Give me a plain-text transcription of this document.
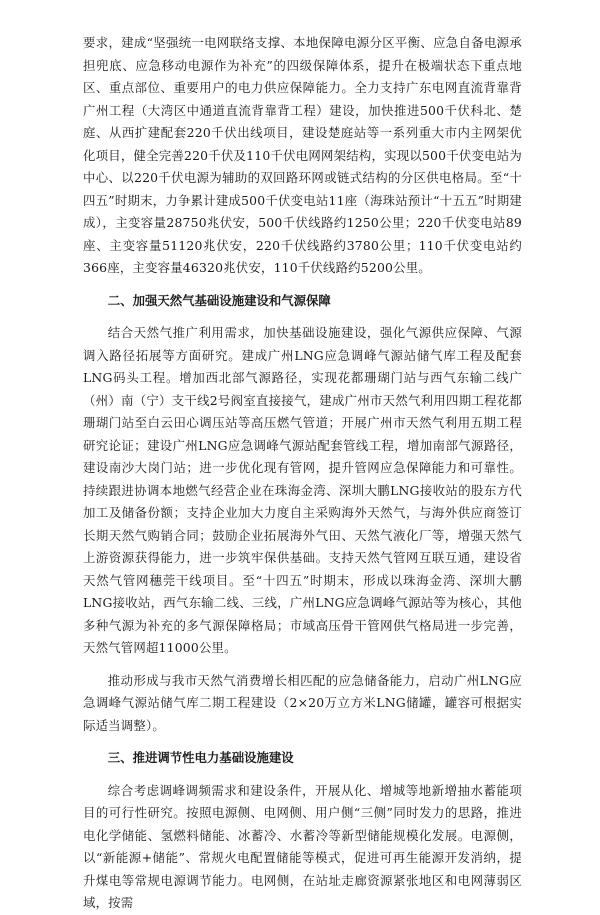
要求，建成“坚强统一电网联络支撑、本地保障电源分区平衡、应急自备电源承担兜底、应急移动电源作为补充”的四级保障体系，提升在极端状态下重点地区、重点部位、重要用户的电力供应保障能力。全力支持广东电网直流背靠背广州工程（大湾区中通道直流背靠背工程）建设，加快推进500千伏科北、楚庭、从西扩建配套220千伏出线项目，建设楚庭站等一系列重大市内主网架优化项目，健全完善220千伏及110千伏电网网架结构，实现以500千伏变电站为中心、以220千伏电源为辅助的双回路环网或链式结构的分区供电格局。至“十四五”时期末，力争累计建成500千伏变电站11座（海珠站预计“十五五”时期建成），主变容量28750兆伏安，500千伏线路约1250公里；220千伏变电站89座、主变容量51120兆伏安，220千伏线路约3780公里；110千伏变电站约366座，主变容量46320兆伏安，110千伏线路约5200公里。

二、加强天然气基础设施建设和气源保障

结合天然气推广利用需求，加快基础设施建设，强化气源供应保障、气源调入路径拓展等方面研究。建成广州LNG应急调峰气源站储气库工程及配套LNG码头工程。增加西北部气源路径，实现花都珊瑚门站与西气东输二线广（州）南（宁）支干线2号阀室直接接气，建成广州市天然气利用四期工程花都珊瑚门站至白云田心调压站等高压燃气管道；开展广州市天然气利用五期工程研究论证；建设广州LNG应急调峰气源站配套管线工程，增加南部气源路径，建设南沙大岗门站；进一步优化现有管网，提升管网应急保障能力和可靠性。持续跟进协调本地燃气经营企业在珠海金湾、深圳大鹏LNG接收站的股东方代加工及储备份额；支持企业加大力度自主采购海外天然气，与海外供应商签订长期天然气购销合同；鼓励企业拓展海外气田、天然气液化厂等，增强天然气上游资源获得能力，进一步筑牢保供基础。支持天然气管网互联互通，建设省天然气管网穗莞干线项目。至“十四五”时期末，形成以珠海金湾、深圳大鹏LNG接收站，西气东输二线、三线，广州LNG应急调峰气源站等为核心，其他多种气源为补充的多气源保障格局；市域高压骨干管网供气格局进一步完善，天然气管网超11000公里。

推动形成与我市天然气消费增长相匹配的应急储备能力，启动广州LNG应急调峰气源站储气库二期工程建设（2×20万立方米LNG储罐，罐容可根据实际适当调整）。

三、推进调节性电力基础设施建设

综合考虑调峰调频需求和建设条件，开展从化、增城等地新增抽水蓄能项目的可行性研究。按照电源侧、电网侧、用户侧“三侧”同时发力的思路，推进电化学储能、氢燃料储能、冰蓄冷、水蓄冷等新型储能规模化发展。电源侧，以“新能源+储能”、常规火电配置储能等模式，促进可再生能源开发消纳，提升煤电等常规电源调节能力。电网侧，在站址走廊资源紧张地区和电网薄弱区域，按需
